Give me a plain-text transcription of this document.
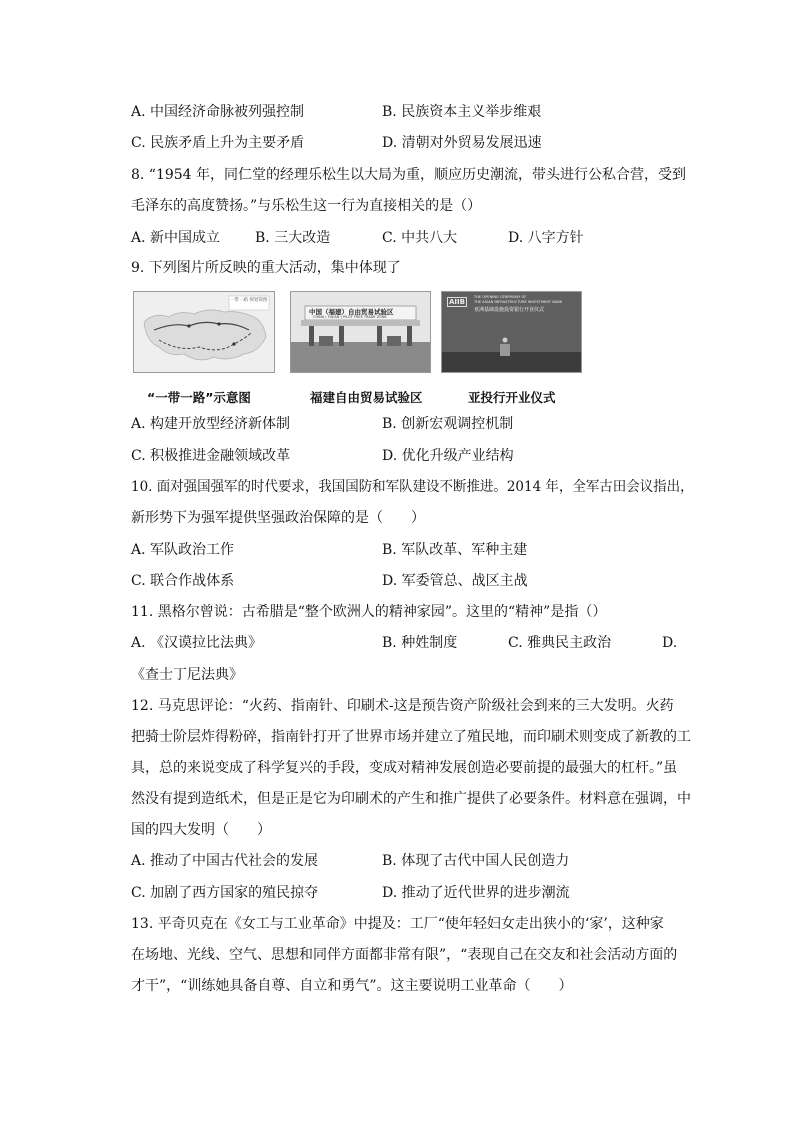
A. 中国经济命脉被列强控制	B. 民族资本主义举步维艰
C. 民族矛盾上升为主要矛盾	D. 清朝对外贸易发展迅速
8. “1954 年，同仁堂的经理乐松生以大局为重，顺应历史潮流，带头进行公私合营，受到
毛泽东的高度赞扬。”与乐松生这一行为直接相关的是（）
A. 新中国成立 B. 三大改造	C. 中共八大	D. 八字方针
9. 下列图片所反映的重大活动，集中体现了
一带一路 规划简图
“一带一路”示意图
中国（福建）自由贸易试验区
CHINA ( FUJIAN ) PILOT FREE TRADE ZONE
福建自由贸易试验区
AIIB
THE OPENING CEREMONY OF
THE ASIAN INFRASTRUCTURE INVESTMENT BANK
亚洲基础设施投资银行开业仪式
亚投行开业仪式
A. 构建开放型经济新体制	B. 创新宏观调控机制
C. 积极推进金融领域改革	D. 优化升级产业结构
10. 面对强国强军的时代要求，我国国防和军队建设不断推进。2014 年，全军古田会议指出，
新形势下为强军提供坚强政治保障的是（　　）
A. 军队政治工作	B. 军队改革、军种主建
C. 联合作战体系	D. 军委管总、战区主战
11. 黑格尔曾说：古希腊是“整个欧洲人的精神家园”。这里的“精神”是指（）
A. 《汉谟拉比法典》	B. 种姓制度	C. 雅典民主政治	D.
《查士丁尼法典》
12. 马克思评论：“火药、指南针、印刷术-这是预告资产阶级社会到来的三大发明。火药
把骑士阶层炸得粉碎，指南针打开了世界市场并建立了殖民地，而印刷术则变成了新教的工
具，总的来说变成了科学复兴的手段，变成对精神发展创造必要前提的最强大的杠杆。”虽
然没有提到造纸术，但是正是它为印刷术的产生和推广提供了必要条件。材料意在强调，中
国的四大发明（　　）
A. 推动了中国古代社会的发展	B. 体现了古代中国人民创造力
C. 加剧了西方国家的殖民掠夺	D. 推动了近代世界的进步潮流
13. 平奇贝克在《女工与工业革命》中提及：工厂“使年轻妇女走出狭小的‘家’，这种家
在场地、光线、空气、思想和同伴方面都非常有限”，“表现自己在交友和社会活动方面的
才干”，“训练她具备自尊、自立和勇气”。这主要说明工业革命（　　）
